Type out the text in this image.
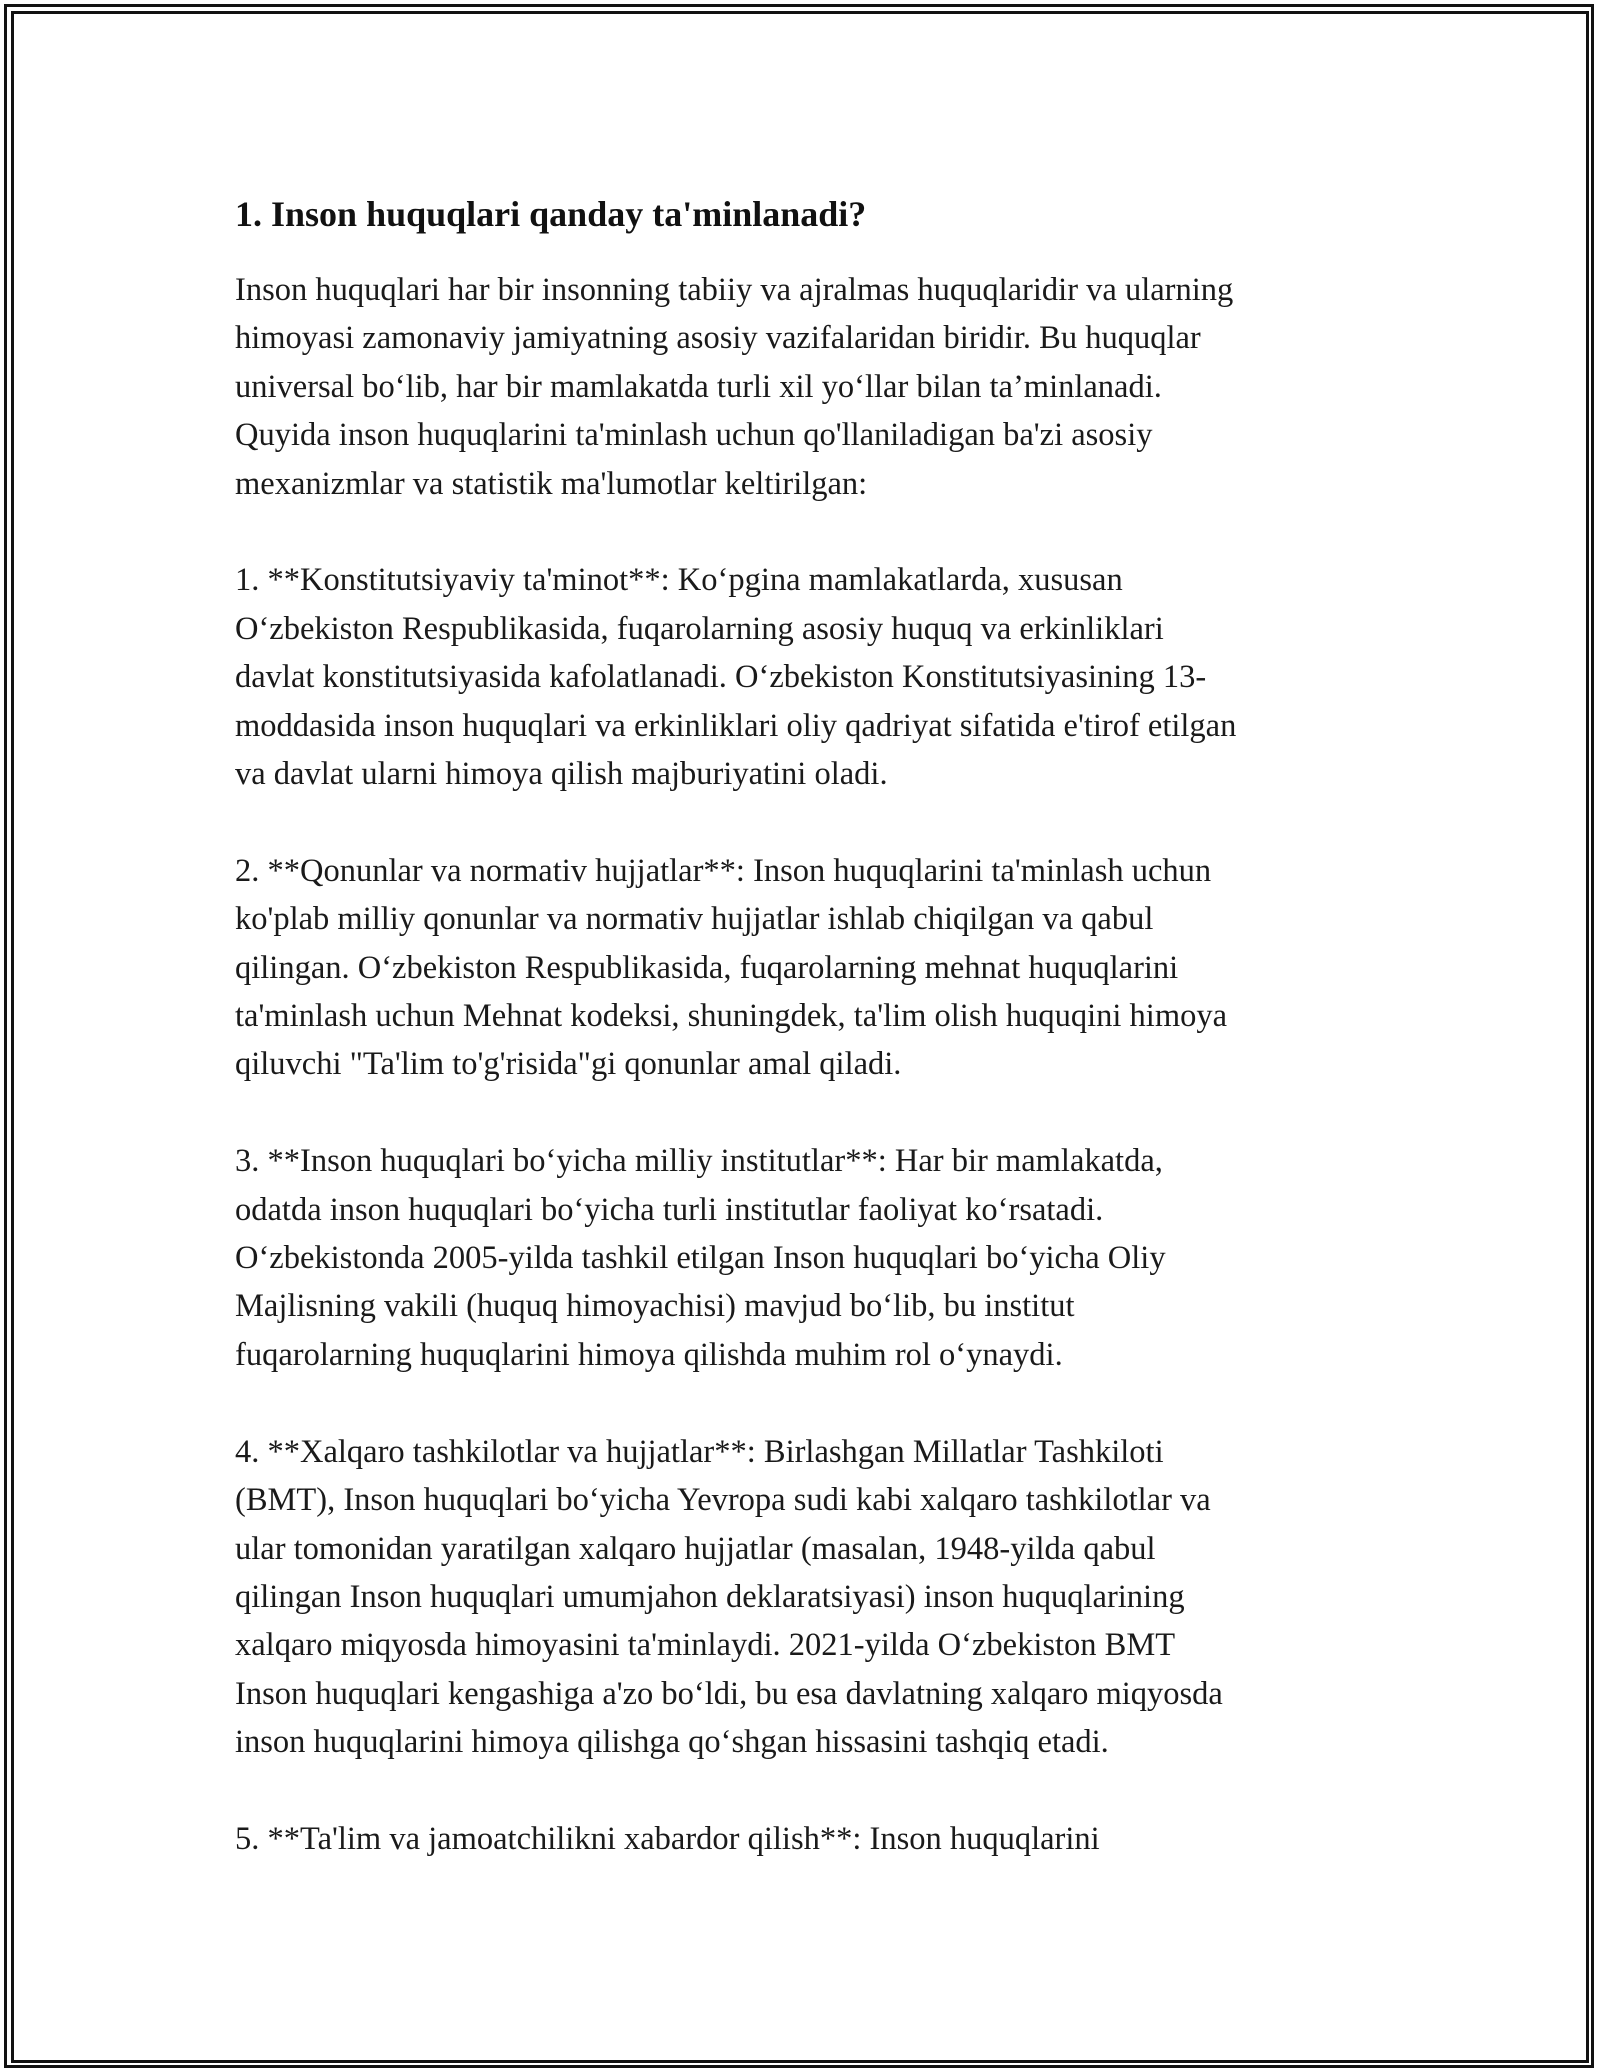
1. Inson huquqlari qanday ta'minlanadi?
Inson huquqlari har bir insonning tabiiy va ajralmas huquqlaridir va ularning
himoyasi zamonaviy jamiyatning asosiy vazifalaridan biridir. Bu huquqlar
universal bo‘lib, har bir mamlakatda turli xil yo‘llar bilan ta’minlanadi.
Quyida inson huquqlarini ta'minlash uchun qo'llaniladigan ba'zi asosiy
mexanizmlar va statistik ma'lumotlar keltirilgan:
1. **Konstitutsiyaviy ta'minot**: Ko‘pgina mamlakatlarda, xususan
O‘zbekiston Respublikasida, fuqarolarning asosiy huquq va erkinliklari
davlat konstitutsiyasida kafolatlanadi. O‘zbekiston Konstitutsiyasining 13-
moddasida inson huquqlari va erkinliklari oliy qadriyat sifatida e'tirof etilgan
va davlat ularni himoya qilish majburiyatini oladi.
2. **Qonunlar va normativ hujjatlar**: Inson huquqlarini ta'minlash uchun
ko'plab milliy qonunlar va normativ hujjatlar ishlab chiqilgan va qabul
qilingan. O‘zbekiston Respublikasida, fuqarolarning mehnat huquqlarini
ta'minlash uchun Mehnat kodeksi, shuningdek, ta'lim olish huquqini himoya
qiluvchi "Ta'lim to'g'risida"gi qonunlar amal qiladi.
3. **Inson huquqlari bo‘yicha milliy institutlar**: Har bir mamlakatda,
odatda inson huquqlari bo‘yicha turli institutlar faoliyat ko‘rsatadi.
O‘zbekistonda 2005-yilda tashkil etilgan Inson huquqlari bo‘yicha Oliy
Majlisning vakili (huquq himoyachisi) mavjud bo‘lib, bu institut
fuqarolarning huquqlarini himoya qilishda muhim rol o‘ynaydi.
4. **Xalqaro tashkilotlar va hujjatlar**: Birlashgan Millatlar Tashkiloti
(BMT), Inson huquqlari bo‘yicha Yevropa sudi kabi xalqaro tashkilotlar va
ular tomonidan yaratilgan xalqaro hujjatlar (masalan, 1948-yilda qabul
qilingan Inson huquqlari umumjahon deklaratsiyasi) inson huquqlarining
xalqaro miqyosda himoyasini ta'minlaydi. 2021-yilda O‘zbekiston BMT
Inson huquqlari kengashiga a'zo bo‘ldi, bu esa davlatning xalqaro miqyosda
inson huquqlarini himoya qilishga qo‘shgan hissasini tashqiq etadi.
5. **Ta'lim va jamoatchilikni xabardor qilish**: Inson huquqlarini
